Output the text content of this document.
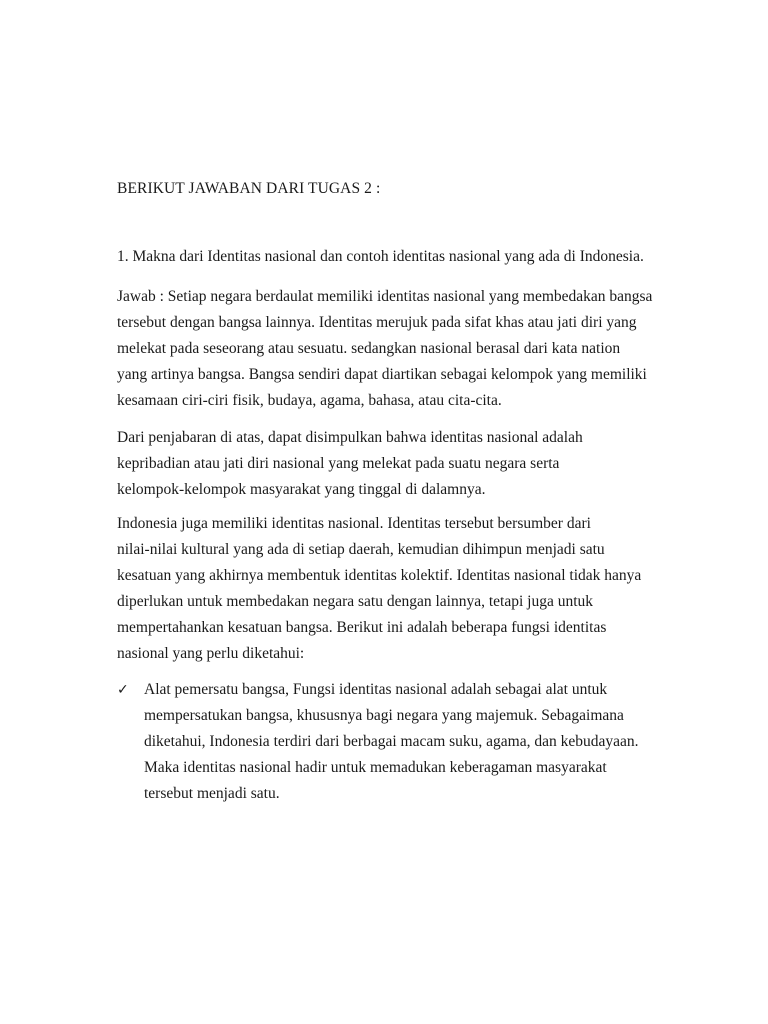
BERIKUT JAWABAN DARI TUGAS 2 :
1. Makna dari Identitas nasional dan contoh identitas nasional yang ada di Indonesia.
Jawab : Setiap negara berdaulat memiliki identitas nasional yang membedakan bangsa
tersebut dengan bangsa lainnya. Identitas merujuk pada sifat khas atau jati diri yang
melekat pada seseorang atau sesuatu. sedangkan nasional berasal dari kata nation
yang artinya bangsa. Bangsa sendiri dapat diartikan sebagai kelompok yang memiliki
kesamaan ciri-ciri fisik, budaya, agama, bahasa, atau cita-cita.
Dari penjabaran di atas, dapat disimpulkan bahwa identitas nasional adalah
kepribadian atau jati diri nasional yang melekat pada suatu negara serta
kelompok-kelompok masyarakat yang tinggal di dalamnya.
Indonesia juga memiliki identitas nasional. Identitas tersebut bersumber dari
nilai-nilai kultural yang ada di setiap daerah, kemudian dihimpun menjadi satu
kesatuan yang akhirnya membentuk identitas kolektif. Identitas nasional tidak hanya
diperlukan untuk membedakan negara satu dengan lainnya, tetapi juga untuk
mempertahankan kesatuan bangsa. Berikut ini adalah beberapa fungsi identitas
nasional yang perlu diketahui:
✓ Alat pemersatu bangsa, Fungsi identitas nasional adalah sebagai alat untuk
mempersatukan bangsa, khususnya bagi negara yang majemuk. Sebagaimana
diketahui, Indonesia terdiri dari berbagai macam suku, agama, dan kebudayaan.
Maka identitas nasional hadir untuk memadukan keberagaman masyarakat
tersebut menjadi satu.
